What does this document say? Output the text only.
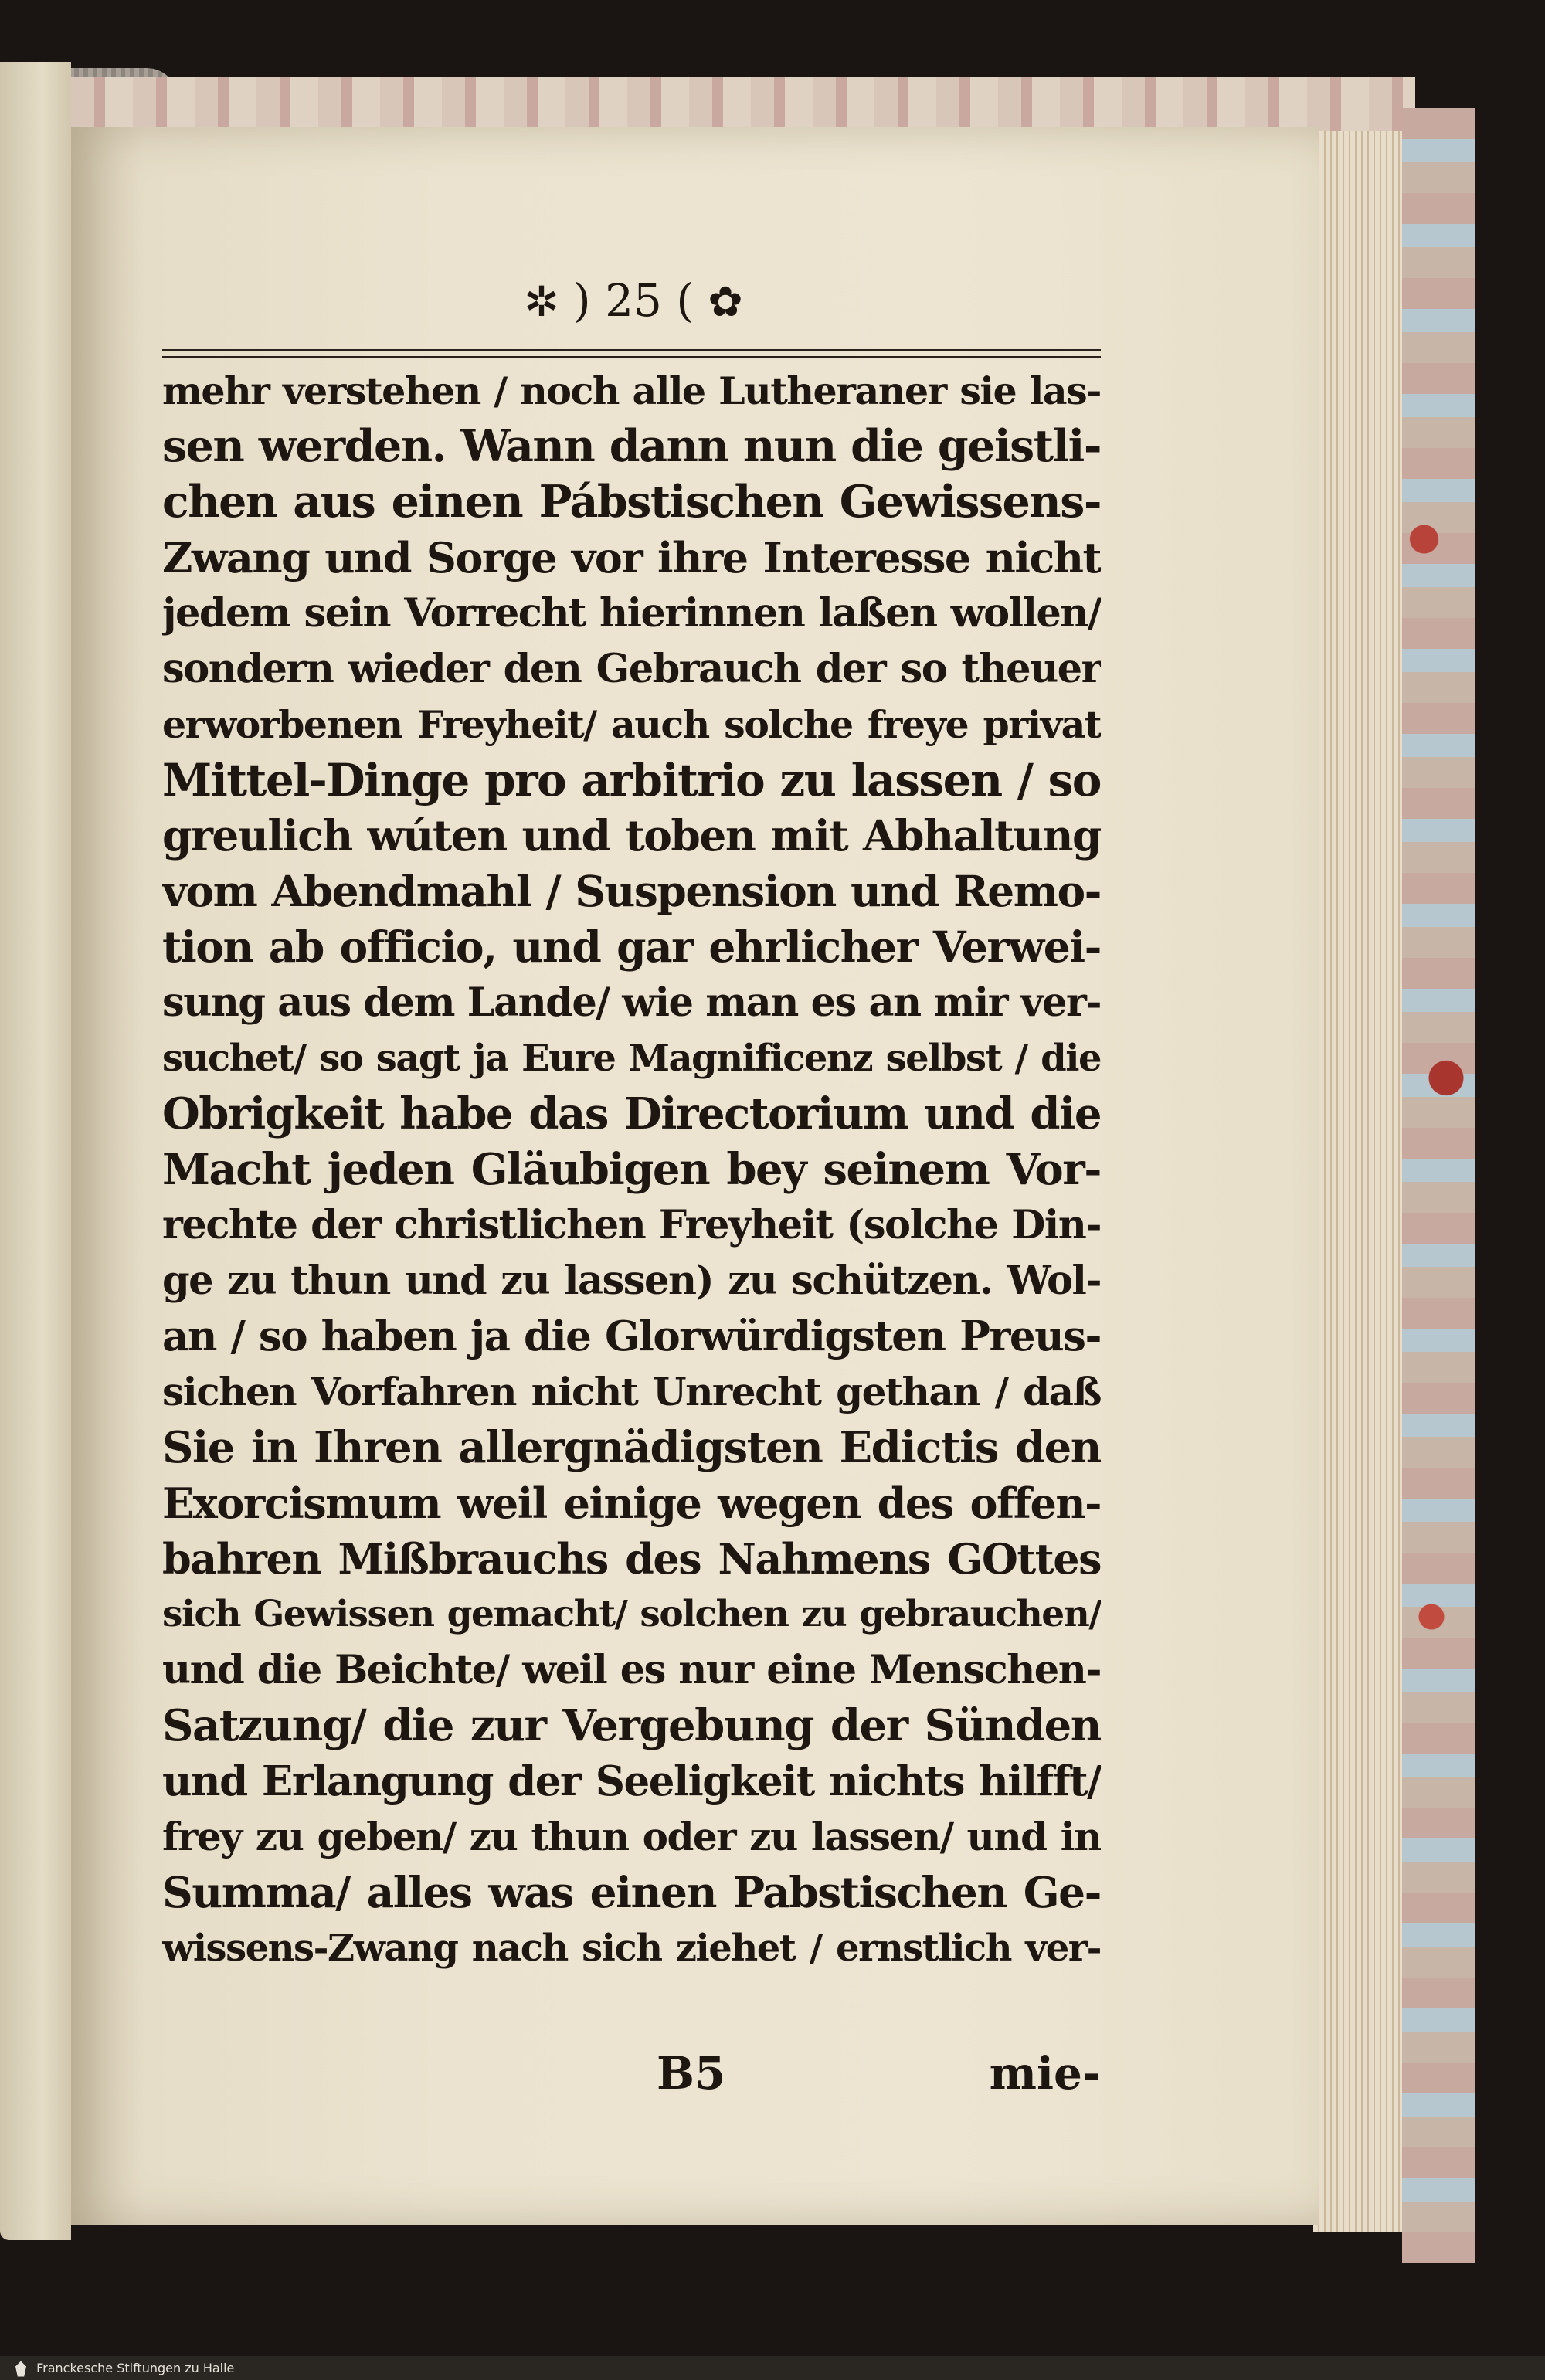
✲ ) 25 ( ✿
mehr verstehen / noch alle Lutheraner sie las-
sen werden. Wann dann nun die geistli-
chen aus einen Pábstischen Gewissens-
Zwang und Sorge vor ihre Interesse nicht
jedem sein Vorrecht hierinnen laßen wollen/
sondern wieder den Gebrauch der so theuer
erworbenen Freyheit/ auch solche freye privat
Mittel-Dinge pro arbitrio zu lassen / so
greulich wúten und toben mit Abhaltung
vom Abendmahl / Suspension und Remo-
tion ab officio, und gar ehrlicher Verwei-
sung aus dem Lande/ wie man es an mir ver-
suchet/ so sagt ja Eure Magnificenz selbst / die
Obrigkeit habe das Directorium und die
Macht jeden Gläubigen bey seinem Vor-
rechte der christlichen Freyheit (solche Din-
ge zu thun und zu lassen) zu schützen. Wol-
an / so haben ja die Glorwürdigsten Preus-
sichen Vorfahren nicht Unrecht gethan / daß
Sie in Ihren allergnädigsten Edictis den
Exorcismum weil einige wegen des offen-
bahren Mißbrauchs des Nahmens GOttes
sich Gewissen gemacht/ solchen zu gebrauchen/
und die Beichte/ weil es nur eine Menschen-
Satzung/ die zur Vergebung der Sünden
und Erlangung der Seeligkeit nichts hilfft/
frey zu geben/ zu thun oder zu lassen/ und in
Summa/ alles was einen Pabstischen Ge-
wissens-Zwang nach sich ziehet / ernstlich ver-
B5	mie-
Franckesche Stiftungen zu Halle
